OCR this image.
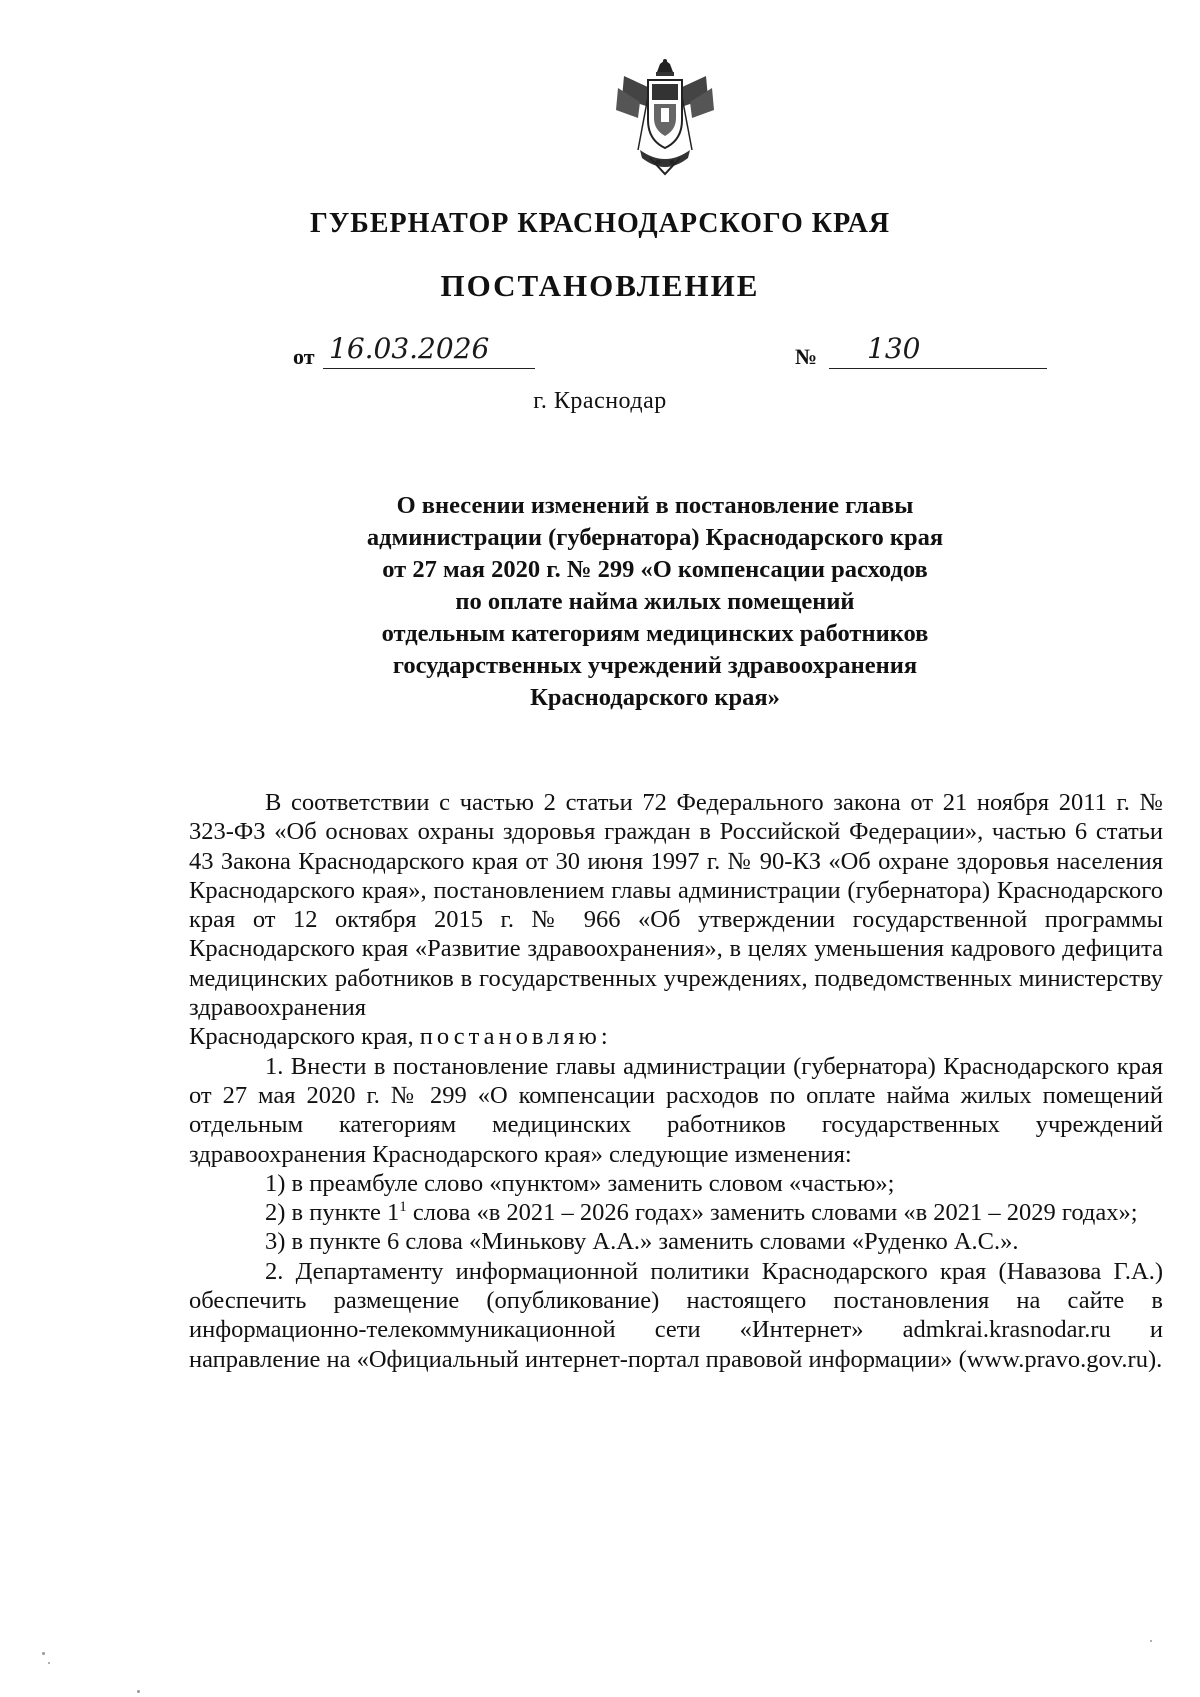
ГУБЕРНАТОР КРАСНОДАРСКОГО КРАЯ
ПОСТАНОВЛЕНИЕ
от 16.03.2026	№ 130
г. Краснодар
О внесении изменений в постановление главы
администрации (губернатора) Краснодарского края
от 27 мая 2020 г. № 299 «О компенсации расходов
по оплате найма жилых помещений
отдельным категориям медицинских работников
государственных учреждений здравоохранения
Краснодарского края»

В соответствии с частью 2 статьи 72 Федерального закона от 21 ноября 2011 г. № 323-ФЗ «Об основах охраны здоровья граждан в Российской Федерации», частью 6 статьи 43 Закона Краснодарского края от 30 июня 1997 г. № 90-КЗ «Об охране здоровья населения Краснодарского края», постановлением главы администрации (губернатора) Краснодарского края от 12 октября 2015 г. № 966 «Об утверждении государственной программы Краснодарского края «Развитие здравоохранения», в целях уменьшения кадрового дефицита медицинских работников в государственных учреждениях, подведомственных министерству здравоохранения

Краснодарского края, постановляю:

1. Внести в постановление главы администрации (губернатора) Краснодарского края от 27 мая 2020 г. № 299 «О компенсации расходов по оплате найма жилых помещений отдельным категориям медицинских работников государственных учреждений здравоохранения Краснодарского края» следующие изменения:

1) в преамбуле слово «пунктом» заменить словом «частью»;

2) в пункте $1^1$ слова «в 2021 – 2026 годах» заменить словами «в 2021 – 2029 годах»;

3) в пункте 6 слова «Минькову А.А.» заменить словами «Руденко А.С.».

2. Департаменту информационной политики Краснодарского края (Навазова Г.А.) обеспечить размещение (опубликование) настоящего постановления на сайте в информационно-телекоммуникационной сети «Интернет» admkrai.krasnodar.ru и направление на «Официальный интернет-портал правовой информации» (www.pravo.gov.ru).
